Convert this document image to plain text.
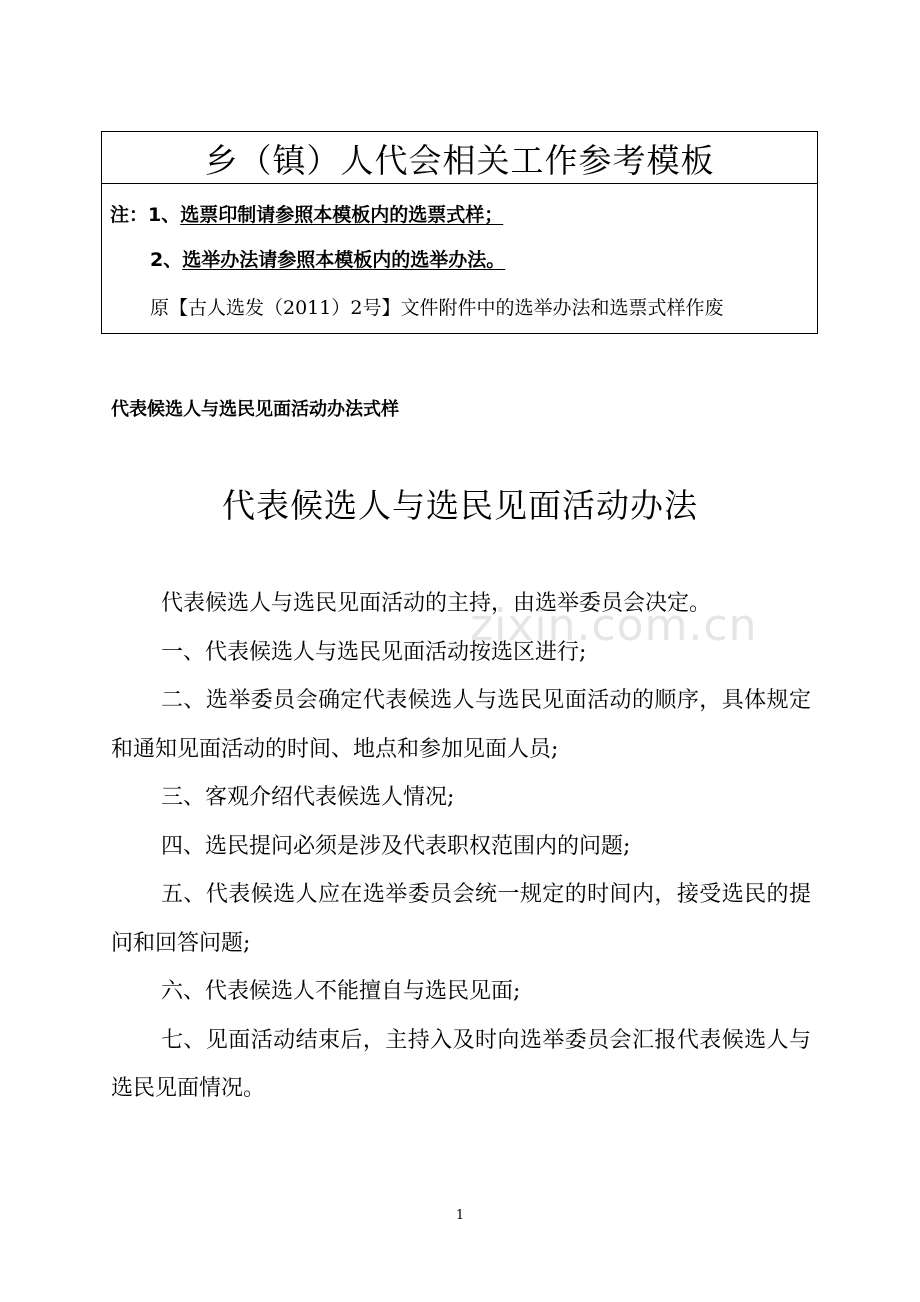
乡（镇）人代会相关工作参考模板
注：1、选票印制请参照本模板内的选票式样；
2、选举办法请参照本模板内的选举办法。
原【古人选发（2011）2号】文件附件中的选举办法和选票式样作废
代表候选人与选民见面活动办法式样
代表候选人与选民见面活动办法
zixin.com.cn

代表候选人与选民见面活动的主持，由选举委员会决定。

一、代表候选人与选民见面活动按选区进行;

二、选举委员会确定代表候选人与选民见面活动的顺序，具体规定和通知见面活动的时间、地点和参加见面人员;

三、客观介绍代表候选人情况;

四、选民提问必须是涉及代表职权范围内的问题;

五、代表候选人应在选举委员会统一规定的时间内，接受选民的提问和回答问题;

六、代表候选人不能擅自与选民见面;

七、见面活动结束后，主持入及时向选举委员会汇报代表候选人与选民见面情况。

1
